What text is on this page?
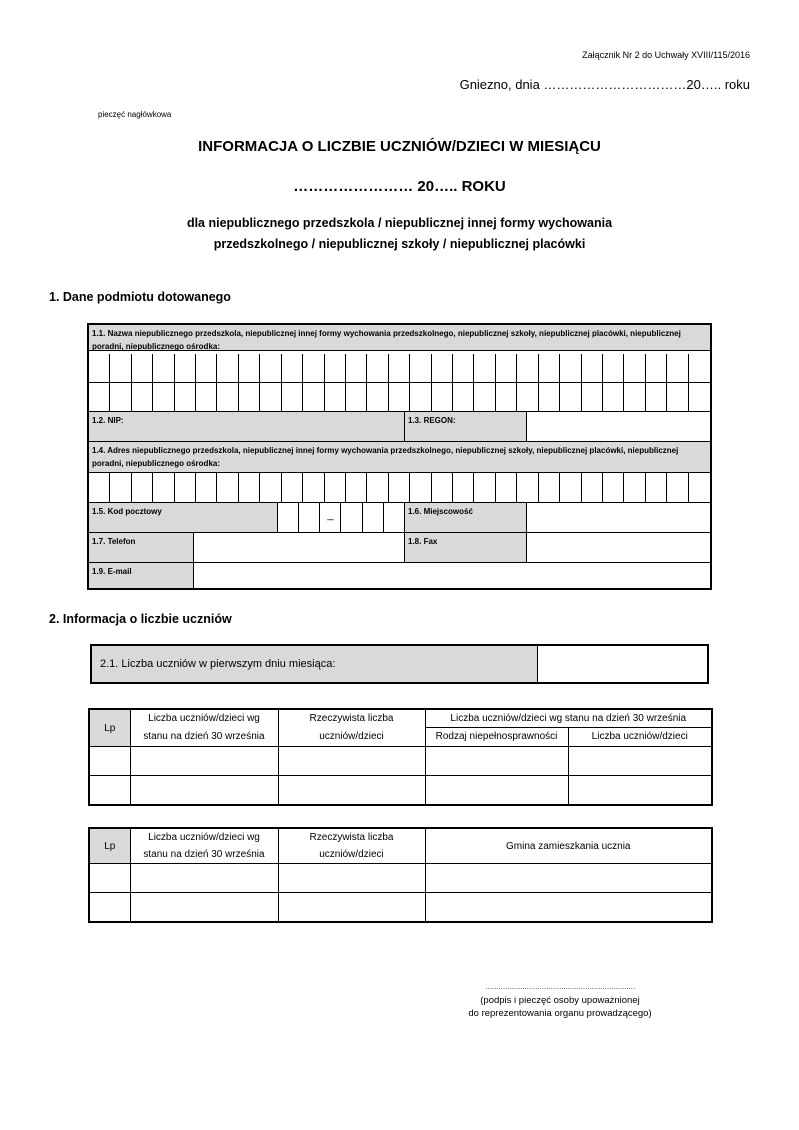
Załącznik Nr 2 do Uchwały XVIII/115/2016
Gniezno, dnia ……………………………20….. roku
pieczęć nagłówkowa
INFORMACJA O LICZBIE UCZNIÓW/DZIECI W MIESIĄCU
…………………… 20….. ROKU
dla niepublicznego przedszkola / niepublicznej innej formy wychowania
przedszkolnego / niepublicznej szkoły / niepublicznej placówki
1. Dane podmiotu dotowanego
1.1. Nazwa niepublicznego przedszkola, niepublicznej innej formy wychowania przedszkolnego, niepublicznej szkoły, niepublicznej placówki, niepublicznej poradni, niepublicznego ośrodka:
1.2. NIP:	1.3. REGON:
1.4. Adres niepublicznego przedszkola, niepublicznej innej formy wychowania przedszkolnego, niepublicznej szkoły, niepublicznej placówki, niepublicznej poradni, niepublicznego ośrodka:
1.5. Kod pocztowy	_	1.6. Miejscowość
1.7. Telefon	1.8. Fax
1.9. E-mail
2. Informacja o liczbie uczniów
2.1. Liczba uczniów w pierwszym dniu miesiąca:
Lp	Liczba uczniów/dzieci wg stanu na dzień 30 września	Rzeczywista liczba uczniów/dzieci	Liczba uczniów/dzieci wg stanu na dzień 30 września	
			Rodzaj niepełnosprawności	Liczba uczniów/dzieci

Lp	Liczba uczniów/dzieci wg stanu na dzień 30 września	Rzeczywista liczba uczniów/dzieci	Gmina zamieszkania ucznia

……………………………………………………………
(podpis i pieczęć osoby upoważnionej
do reprezentowania organu prowadzącego)
